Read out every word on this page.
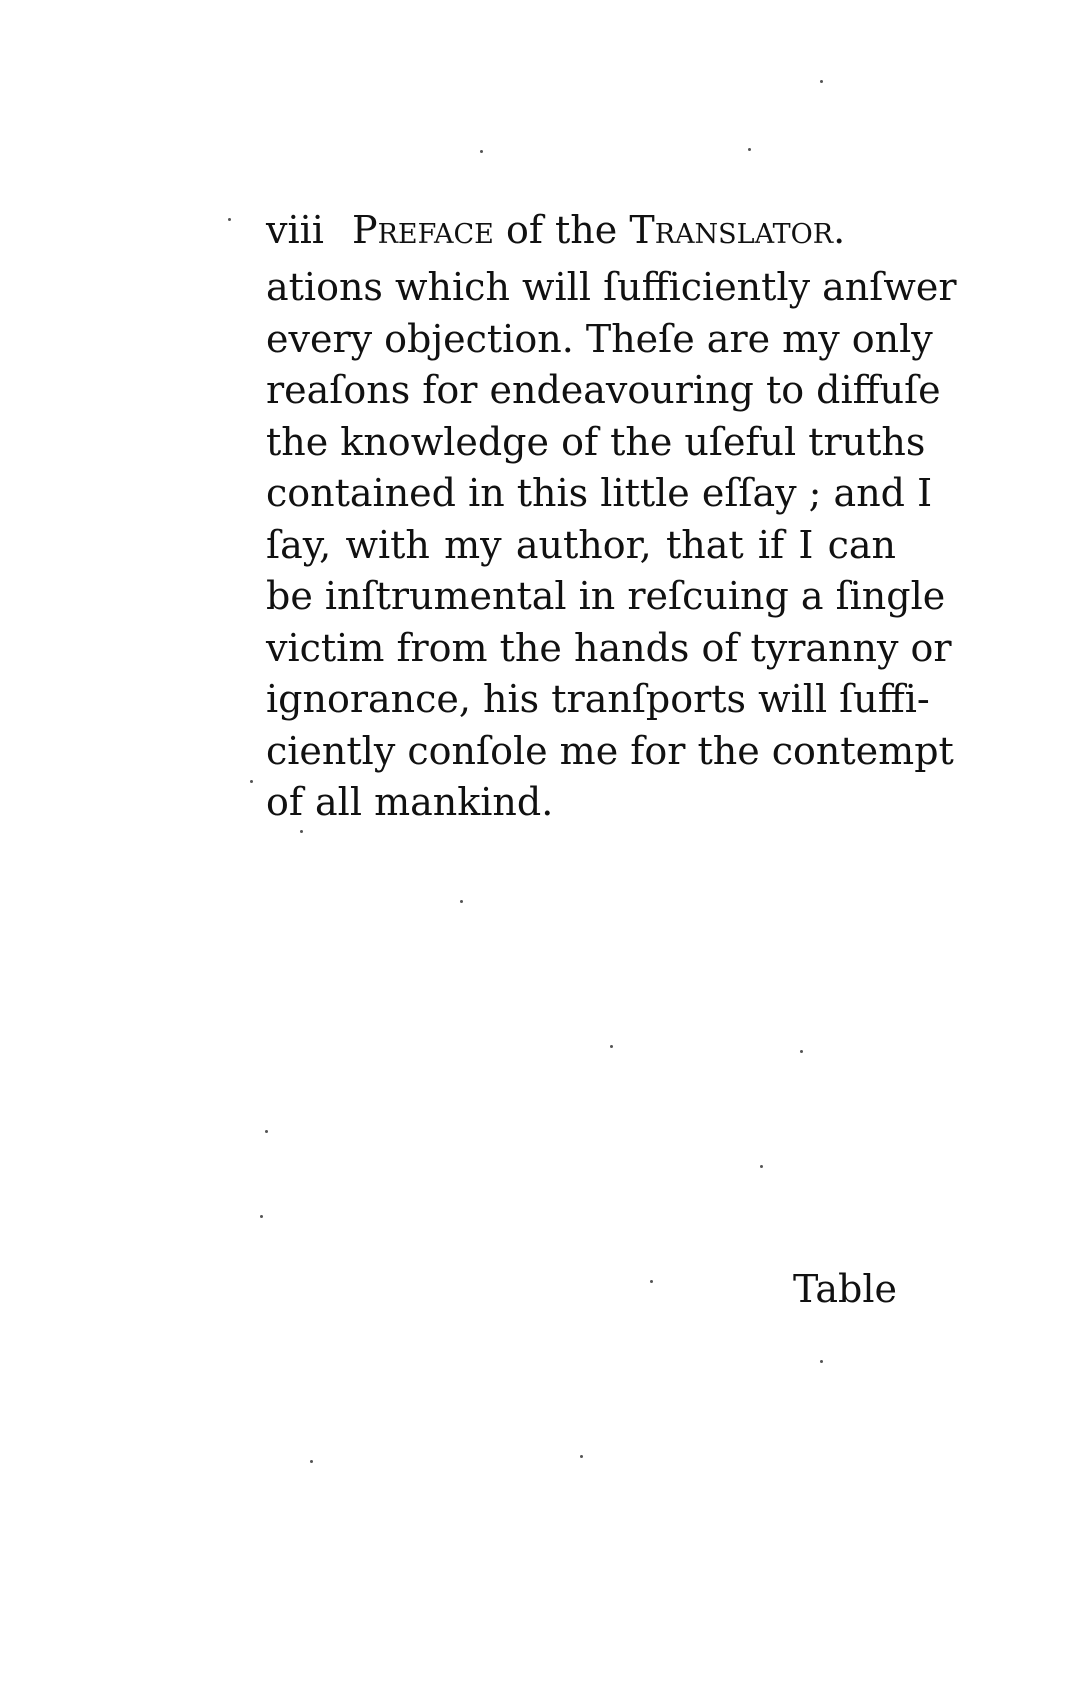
viii Preface of the Translator.
ations which will ſufficiently anſwer
every objection. Theſe are my only
reaſons for endeavouring to diffuſe
the knowledge of the uſeful truths
contained in this little eſſay ; and I
ſay, with my author, that if I can
be inſtrumental in reſcuing a ſingle
victim from the hands of tyranny or
ignorance, his tranſports will ſuffi-
ciently conſole me for the contempt
of all mankind.
Table
